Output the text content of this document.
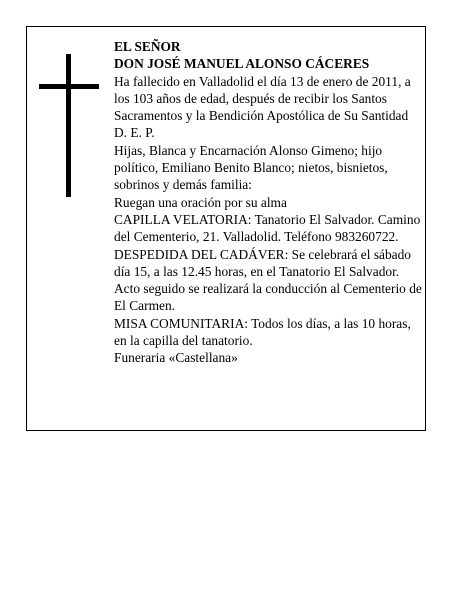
EL SEÑOR

DON JOSÉ MANUEL ALONSO CÁCERES

Ha fallecido en Valladolid el día 13 de enero de 2011, a los 103 años de edad, después de recibir los Santos Sacramentos y la Bendición Apostólica de Su Santidad D. E. P.

Hijas, Blanca y Encarnación Alonso Gimeno; hijo político, Emiliano Benito Blanco; nietos, bisnietos, sobrinos y demás familia:

Ruegan una oración por su alma

CAPILLA VELATORIA: Tanatorio El Salvador. Camino del Cementerio, 21. Valladolid. Teléfono 983260722.

DESPEDIDA DEL CADÁVER: Se celebrará el sábado día 15, a las 12.45 horas, en el Tanatorio El Salvador. Acto seguido se realizará la conducción al Cementerio de El Carmen.

MISA COMUNITARIA: Todos los días, a las 10 horas, en la capilla del tanatorio.

Funeraria «Castellana»
